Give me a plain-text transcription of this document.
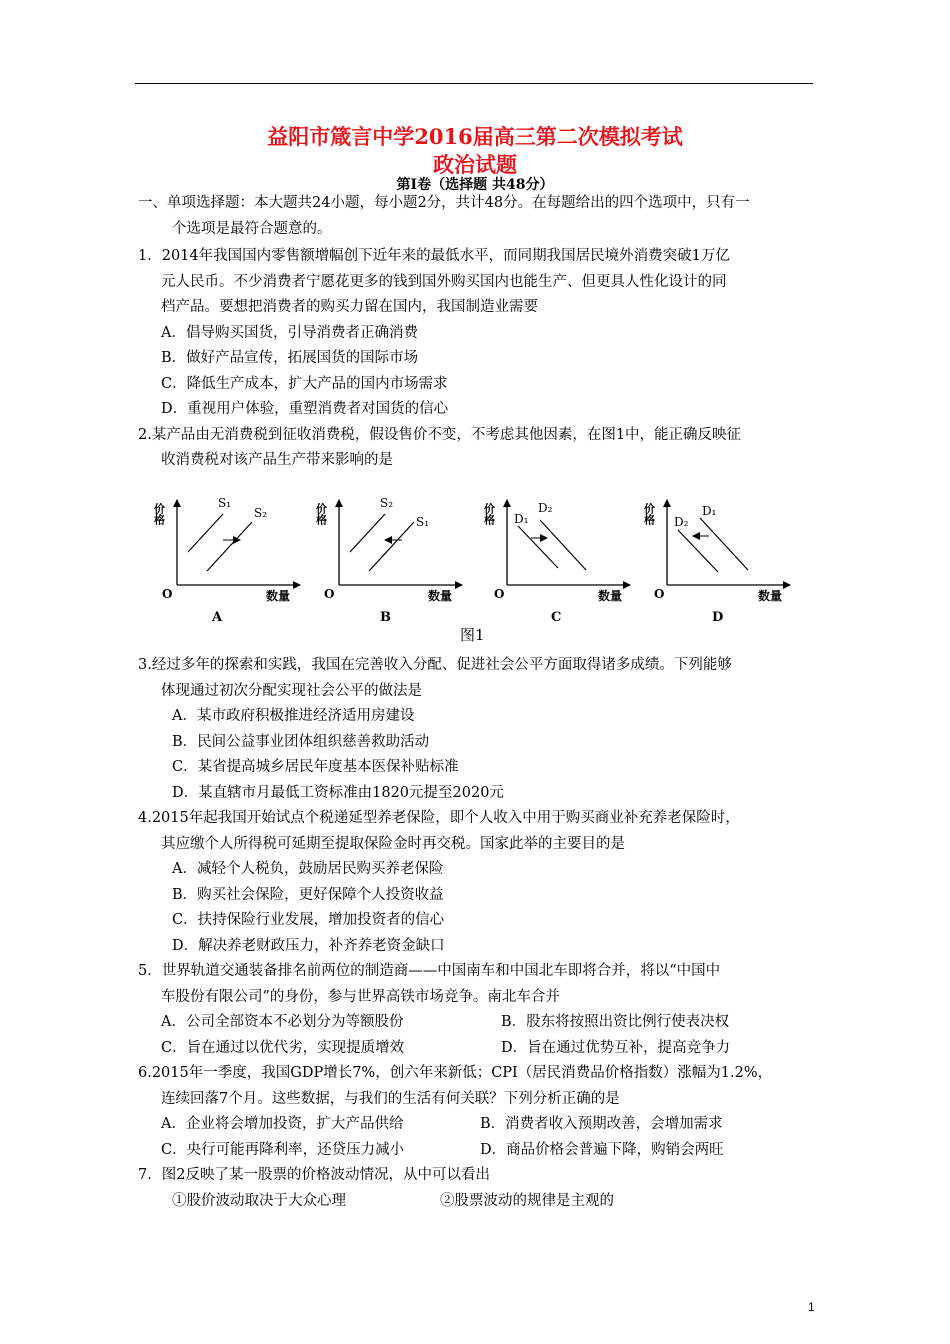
益阳市箴言中学2016届高三第二次模拟考试
政治试题
第Ⅰ卷（选择题 共48分）
一、单项选择题：本大题共24小题，每小题2分，共计48分。在每题给出的四个选项中，只有一
个选项是最符合题意的。
1．2014年我国国内零售额增幅创下近年来的最低水平，而同期我国居民境外消费突破1万亿
元人民币。不少消费者宁愿花更多的钱到国外购买国内也能生产、但更具人性化设计的同
档产品。要想把消费者的购买力留在国内，我国制造业需要
A．倡导购买国货，引导消费者正确消费
B．做好产品宣传，拓展国货的国际市场
C．降低生产成本，扩大产品的国内市场需求
D．重视用户体验，重塑消费者对国货的信心
2.某产品由无消费税到征收消费税，假设售价不变，不考虑其他因素，在图1中，能正确反映征
收消费税对该产品生产带来影响的是
价格
数量
O
S₁
S₂
A
价格
数量
O
S₂
S₁
B
价格
数量
O
D₁
D₂
C
价格
数量
O
D₂
D₁
D
图1
3.经过多年的探索和实践，我国在完善收入分配、促进社会公平方面取得诸多成绩。下列能够
体现通过初次分配实现社会公平的做法是
A．某市政府积极推进经济适用房建设
B．民间公益事业团体组织慈善救助活动
C．某省提高城乡居民年度基本医保补贴标准
D．某直辖市月最低工资标准由1820元提至2020元
4.2015年起我国开始试点个税递延型养老保险，即个人收入中用于购买商业补充养老保险时，
其应缴个人所得税可延期至提取保险金时再交税。国家此举的主要目的是
A．减轻个人税负，鼓励居民购买养老保险
B．购买社会保险，更好保障个人投资收益
C．扶持保险行业发展，增加投资者的信心
D．解决养老财政压力，补齐养老资金缺口
5．世界轨道交通装备排名前两位的制造商——中国南车和中国北车即将合并，将以“中国中
车股份有限公司”的身份，参与世界高铁市场竞争。南北车合并
A．公司全部资本不必划分为等额股份	B．股东将按照出资比例行使表决权
C．旨在通过以优代劣，实现提质增效	D．旨在通过优势互补，提高竞争力
6.2015年一季度，我国GDP增长7%，创六年来新低；CPI（居民消费品价格指数）涨幅为1.2%，
连续回落7个月。这些数据，与我们的生活有何关联？下列分析正确的是
A．企业将会增加投资，扩大产品供给	B．消费者收入预期改善，会增加需求
C．央行可能再降利率，还贷压力减小	D．商品价格会普遍下降，购销会两旺
7．图2反映了某一股票的价格波动情况，从中可以看出
①股价波动取决于大众心理	②股票波动的规律是主观的
1
